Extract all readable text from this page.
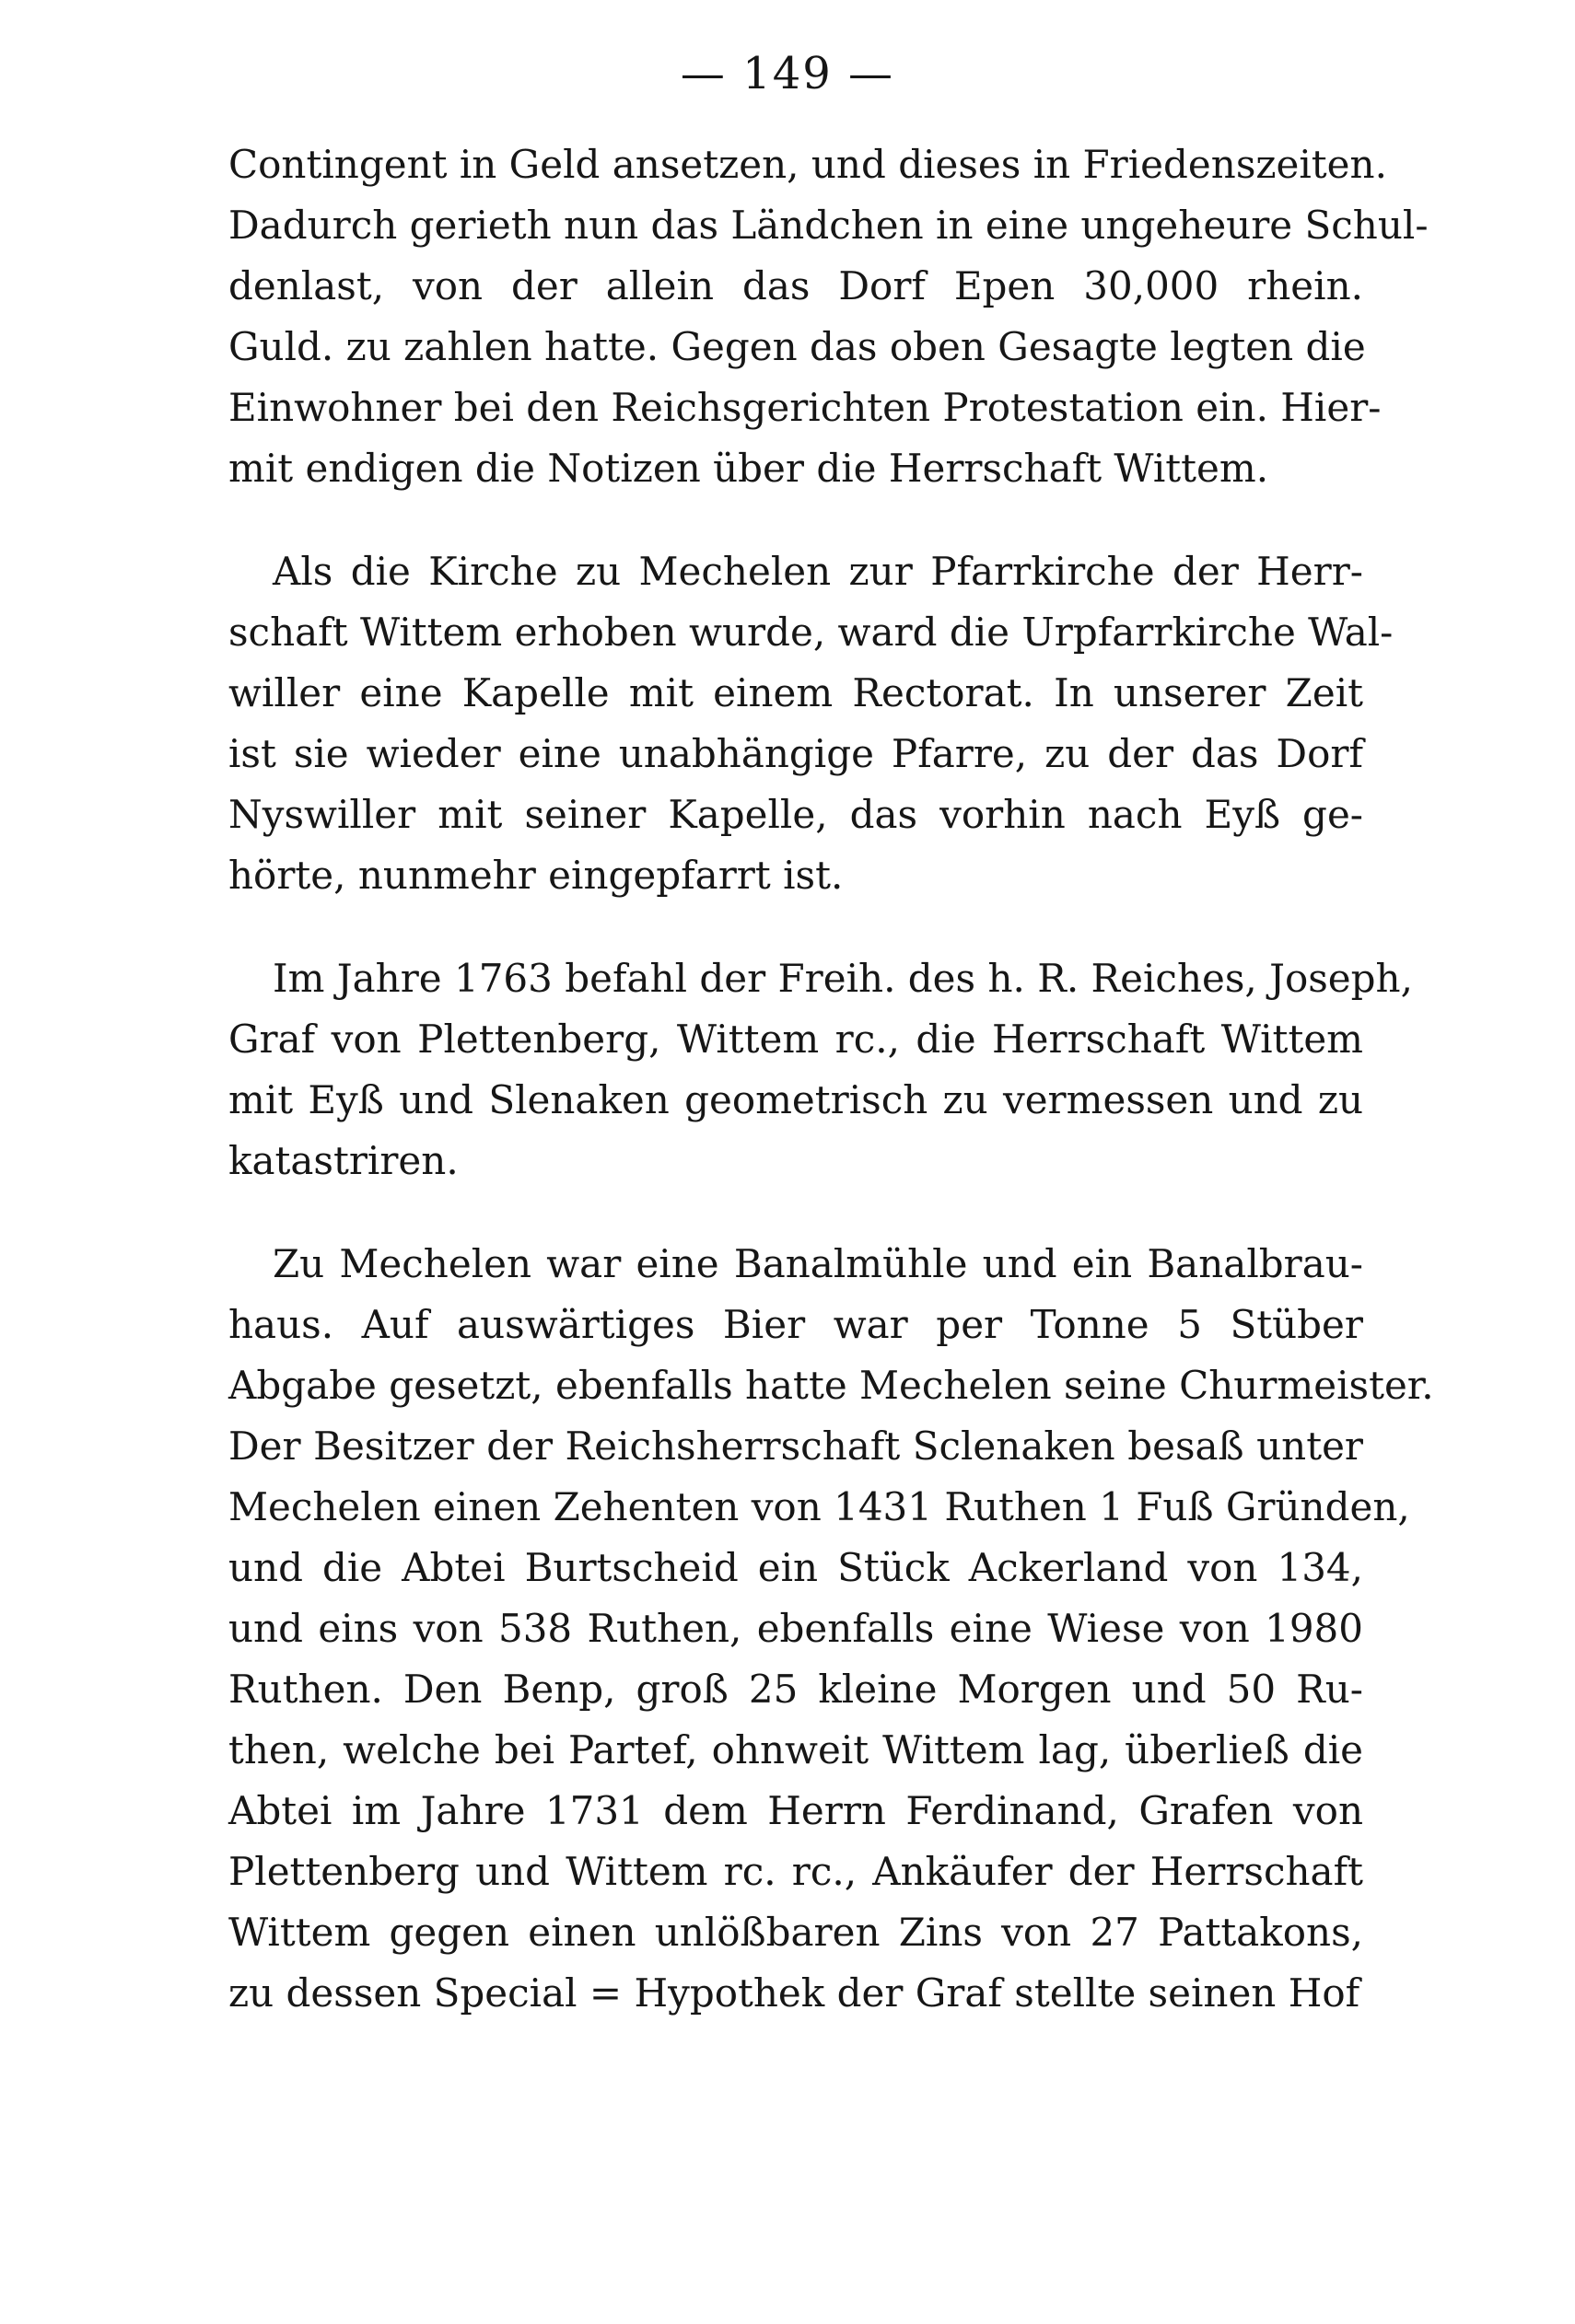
— 149 —
Contingent in Geld ansetzen, und dieses in Friedenszeiten.
Dadurch gerieth nun das Ländchen in eine ungeheure Schul-
denlast, von der allein das Dorf Epen 30,000 rhein.
Guld. zu zahlen hatte. Gegen das oben Gesagte legten die
Einwohner bei den Reichsgerichten Protestation ein. Hier-
mit endigen die Notizen über die Herrschaft Wittem.
Als die Kirche zu Mechelen zur Pfarrkirche der Herr-
schaft Wittem erhoben wurde, ward die Urpfarrkirche Wal-
willer eine Kapelle mit einem Rectorat. In unserer Zeit
ist sie wieder eine unabhängige Pfarre, zu der das Dorf
Nyswiller mit seiner Kapelle, das vorhin nach Eyß ge-
hörte, nunmehr eingepfarrt ist.
Im Jahre 1763 befahl der Freih. des h. R. Reiches, Joseph,
Graf von Plettenberg, Wittem rc., die Herrschaft Wittem
mit Eyß und Slenaken geometrisch zu vermessen und zu
katastriren.
Zu Mechelen war eine Banalmühle und ein Banalbrau-
haus. Auf auswärtiges Bier war per Tonne 5 Stüber
Abgabe gesetzt, ebenfalls hatte Mechelen seine Churmeister.
Der Besitzer der Reichsherrschaft Sclenaken besaß unter
Mechelen einen Zehenten von 1431 Ruthen 1 Fuß Gründen,
und die Abtei Burtscheid ein Stück Ackerland von 134,
und eins von 538 Ruthen, ebenfalls eine Wiese von 1980
Ruthen. Den Benp, groß 25 kleine Morgen und 50 Ru-
then, welche bei Partef, ohnweit Wittem lag, überließ die
Abtei im Jahre 1731 dem Herrn Ferdinand, Grafen von
Plettenberg und Wittem rc. rc., Ankäufer der Herrschaft
Wittem gegen einen unlößbaren Zins von 27 Pattakons,
zu dessen Special = Hypothek der Graf stellte seinen Hof
